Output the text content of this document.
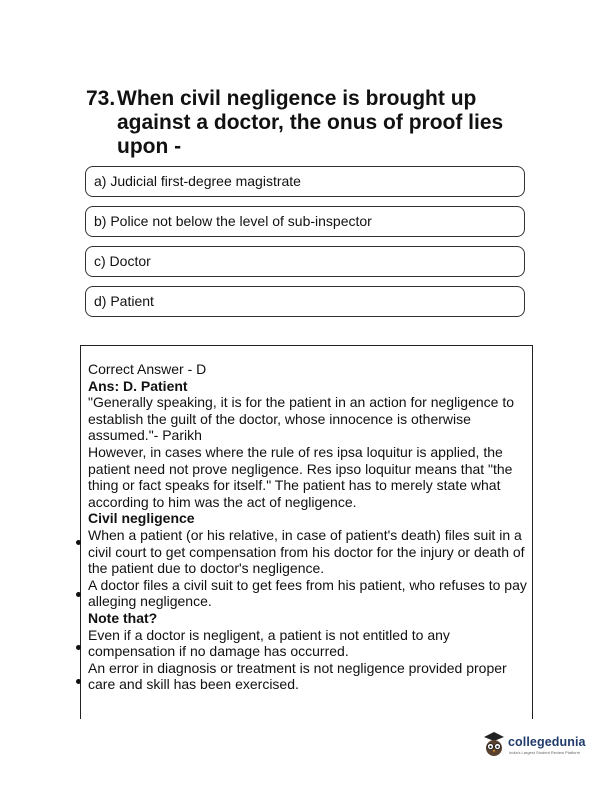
73. When civil negligence is brought up against a doctor, the onus of proof lies upon -
a) Judicial first-degree magistrate
b) Police not below the level of sub-inspector
c) Doctor
d) Patient

Correct Answer - D

Ans: D. Patient

"Generally speaking, it is for the patient in an action for negligence to establish the guilt of the doctor, whose innocence is otherwise assumed."- Parikh

However, in cases where the rule of res ipsa loquitur is applied, the patient need not prove negligence. Res ipso loquitur means that "the thing or fact speaks for itself." The patient has to merely state what according to him was the act of negligence.

Civil negligence

When a patient (or his relative, in case of patient's death) files suit in a civil court to get compensation from his doctor for the injury or death of the patient due to doctor's negligence.

A doctor files a civil suit to get fees from his patient, who refuses to pay alleging negligence.

Note that?

Even if a doctor is negligent, a patient is not entitled to any compensation if no damage has occurred.

An error in diagnosis or treatment is not negligence provided proper care and skill has been exercised.

collegedunia
India's Largest Student Review Platform
